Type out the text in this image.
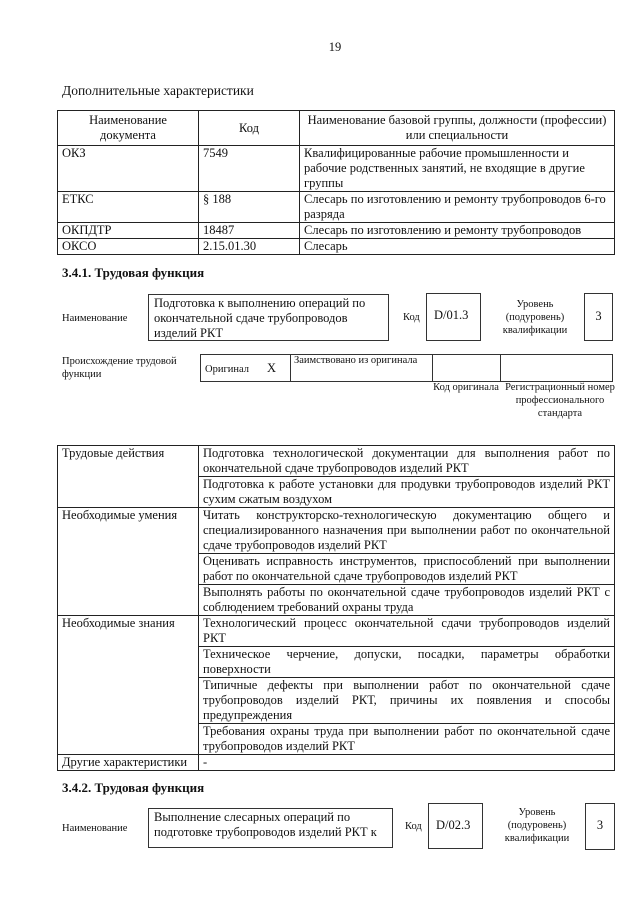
19
Дополнительные характеристики
Наименование документа	Код	Наименование базовой группы, должности (профессии) или специальности
ОКЗ	7549	Квалифицированные рабочие промышленности и рабочие родственных занятий, не входящие в другие группы
ЕТКС	§ 188	Слесарь по изготовлению и ремонту трубопроводов 6-го разряда
ОКПДТР	18487	Слесарь по изготовлению и ремонту трубопроводов
ОКСО	2.15.01.30	Слесарь
3.4.1. Трудовая функция
Наименование
Подготовка к выполнению операций по окончательной сдаче трубопроводов изделий РКТ
Код	D/01.3
Уровень (подуровень) квалификации
3
Происхождение трудовой функции	Оригинал X
Заимствовано из оригинала
Код оригинала Регистрационный номер профессионального стандарта
Трудовые действия	Подготовка технологической документации для выполнения работ по окончательной сдаче трубопроводов изделий РКТ
	Подготовка к работе установки для продувки трубопроводов изделий РКТ сухим сжатым воздухом
Необходимые умения	Читать конструкторско-технологическую документацию общего и специализированного назначения при выполнении работ по окончательной сдаче трубопроводов изделий РКТ
	Оценивать исправность инструментов, приспособлений при выполнении работ по окончательной сдаче трубопроводов изделий РКТ
	Выполнять работы по окончательной сдаче трубопроводов изделий РКТ с соблюдением требований охраны труда
Необходимые знания	Технологический процесс окончательной сдачи трубопроводов изделий РКТ
	Техническое черчение, допуски, посадки, параметры обработки поверхности
	Типичные дефекты при выполнении работ по окончательной сдаче трубопроводов изделий РКТ, причины их появления и способы предупреждения
	Требования охраны труда при выполнении работ по окончательной сдаче трубопроводов изделий РКТ
Другие характеристики	-
3.4.2. Трудовая функция
Наименование
Выполнение слесарных операций по подготовке трубопроводов изделий РКТ к	Код	D/02.3
Уровень (подуровень) квалификации
3
